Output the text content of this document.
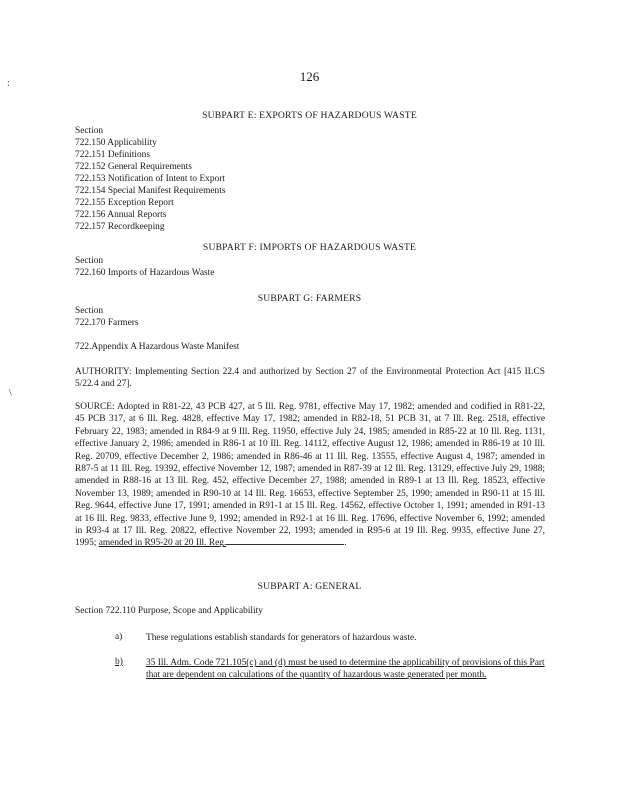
126
:
\
SUBPART E: EXPORTS OF HAZARDOUS WASTE
Section
722.150 Applicability
722.151 Definitions
722.152 General Requirements
722.153 Notification of Intent to Export
722.154 Special Manifest Requirements
722.155 Exception Report
722.156 Annual Reports
722.157 Recordkeeping
SUBPART F: IMPORTS OF HAZARDOUS WASTE
Section
722.160 Imports of Hazardous Waste
SUBPART G: FARMERS
Section
722.170 Farmers
722.Appendix A Hazardous Waste Manifest

AUTHORITY: Implementing Section 22.4 and authorized by Section 27 of the Environmental Protection Act [415 ILCS 5/22.4 and 27].

SOURCE: Adopted in R81-22, 43 PCB 427, at 5 Ill. Reg. 9781, effective May 17, 1982; amended and codified in R81-22, 45 PCB 317, at 6 Ill. Reg. 4828, effective May 17, 1982; amended in R82-18, 51 PCB 31, at 7 Ill. Reg. 2518, effective February 22, 1983; amended in R84-9 at 9 Ill. Reg. 11950, effective July 24, 1985; amended in R85-22 at 10 Ill. Reg. 1131, effective January 2, 1986; amended in R86-1 at 10 Ill. Reg. 14112, effective August 12, 1986; amended in R86-19 at 10 Ill. Reg. 20709, effective December 2, 1986; amended in R86-46 at 11 Ill. Reg. 13555, effective August 4, 1987; amended in R87-5 at 11 Ill. Reg. 19392, effective November 12, 1987; amended in R87-39 at 12 Ill. Reg. 13129, effective July 29, 1988; amended in R88-16 at 13 Ill. Reg. 452, effective December 27, 1988; amended in R89-1 at 13 Ill. Reg. 18523, effective November 13, 1989; amended in R90-10 at 14 Ill. Reg. 16653, effective September 25, 1990; amended in R90-11 at 15 Ill. Reg. 9644, effective June 17, 1991; amended in R91-1 at 15 Ill. Reg. 14562, effective October 1, 1991; amended in R91-13 at 16 Ill. Reg. 9833, effective June 9, 1992; amended in R92-1 at 16 Ill. Reg. 17696, effective November 6, 1992; amended in R93-4 at 17 Ill. Reg. 20822, effective November 22, 1993; amended in R95-6 at 19 Ill. Reg. 9935, effective June 27, 1995; amended in R95-20 at 20 Ill. Reg.	.

SUBPART A: GENERAL
Section 722.110 Purpose, Scope and Applicability
a)	These regulations establish standards for generators of hazardous waste.
b) 35 Ill. Adm. Code 721.105(c) and (d) must be used to determine the applicability of provisions of this Part that are dependent on calculations of the quantity of hazardous waste generated per month.
